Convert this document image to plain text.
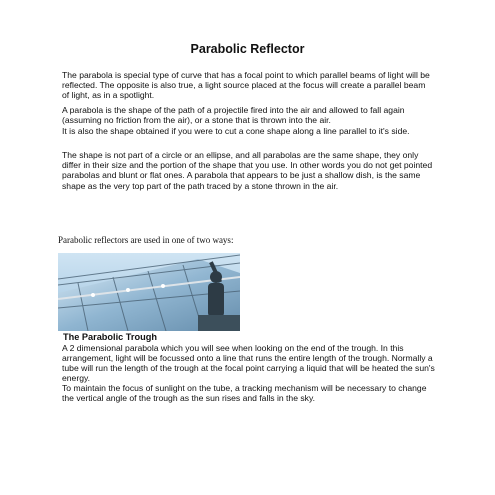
Parabolic Reflector

The parabola is special type of curve that has a focal point to which parallel beams of light will be reflected. The opposite is also true, a light source placed at the focus will create a parallel beam of light, as in a spotlight.

A parabola is the shape of the path of a projectile fired into the air and allowed to fall again (assuming no friction from the air), or a stone that is thrown into the air.

It is also the shape obtained if you were to cut a cone shape along a line parallel to it's side.

The shape is not part of a circle or an ellipse, and all parabolas are the same shape, they only differ in their size and the portion of the shape that you use. In other words you do not get pointed parabolas and blunt or flat ones. A parabola that appears to be just a shallow dish, is the same shape as the very top part of the path traced by a stone thrown in the air.

Parabolic reflectors are used in one of two ways:

The Parabolic Trough
A 2 dimensional parabola which you will see when looking on the end of the trough. In this arrangement, light will be focussed onto a line that runs the entire length of the trough. Normally a tube will run the length of the trough at the focal point carrying a liquid that will be heated the sun's energy.
To maintain the focus of sunlight on the tube, a tracking mechanism will be necessary to change the vertical angle of the trough as the sun rises and falls in the sky.
